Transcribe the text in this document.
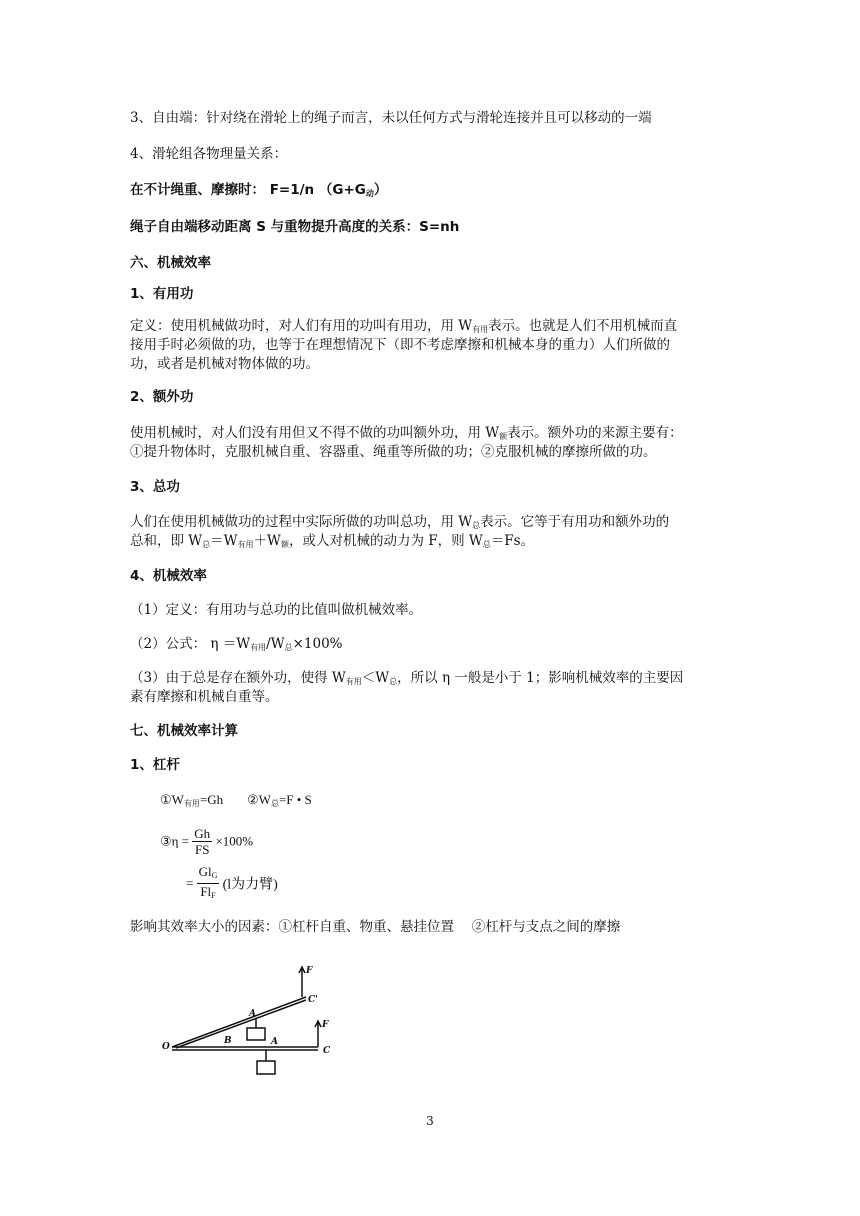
3、自由端：针对绕在滑轮上的绳子而言，未以任何方式与滑轮连接并且可以移动的一端
4、滑轮组各物理量关系：
在不计绳重、摩擦时： F=1/n $(G+G_动)$
绳子自由端移动距离 S 与重物提升高度的关系：S=nh
六、机械效率
1、有用功
定义：使用机械做功时，对人们有用的功叫有用功，用 $W_{有用}$表示。也就是人们不用机械而直
接用手时必须做的功，也等于在理想情况下（即不考虑摩擦和机械本身的重力）人们所做的
功，或者是机械对物体做的功。
2、额外功
使用机械时，对人们没有用但又不得不做的功叫额外功，用 $W_额$表示。额外功的来源主要有：
①提升物体时，克服机械自重、容器重、绳重等所做的功；②克服机械的摩擦所做的功。
3、总功
人们在使用机械做功的过程中实际所做的功叫总功，用 $W_总$表示。它等于有用功和额外功的
总和，即 $W_总=W_{有用}+W_额$，或人对机械的动力为 F，则 $W_总=Fs$。
4、机械效率
（1）定义：有用功与总功的比值叫做机械效率。
（2）公式： $\eta =W_{有用}/W_总\times 100\%$
（3）由于总是存在额外功，使得 $W_{有用}<W_总$，所以 η 一般是小于 1；影响机械效率的主要因
素有摩擦和机械自重等。
七、机械效率计算
1、杠杆
$①W_{有用}=Gh$ $②W_总=F$ • S
③η = $\frac{Gh}{FS} \times 100\%$
= $\frac{Gl_G}{Fl_F} (l$为力臂)
影响其效率大小的因素：①杠杆自重、物重、悬挂位置　 ②杠杆与支点之间的摩擦
O
A
B	A
C
C'
F
F
3
